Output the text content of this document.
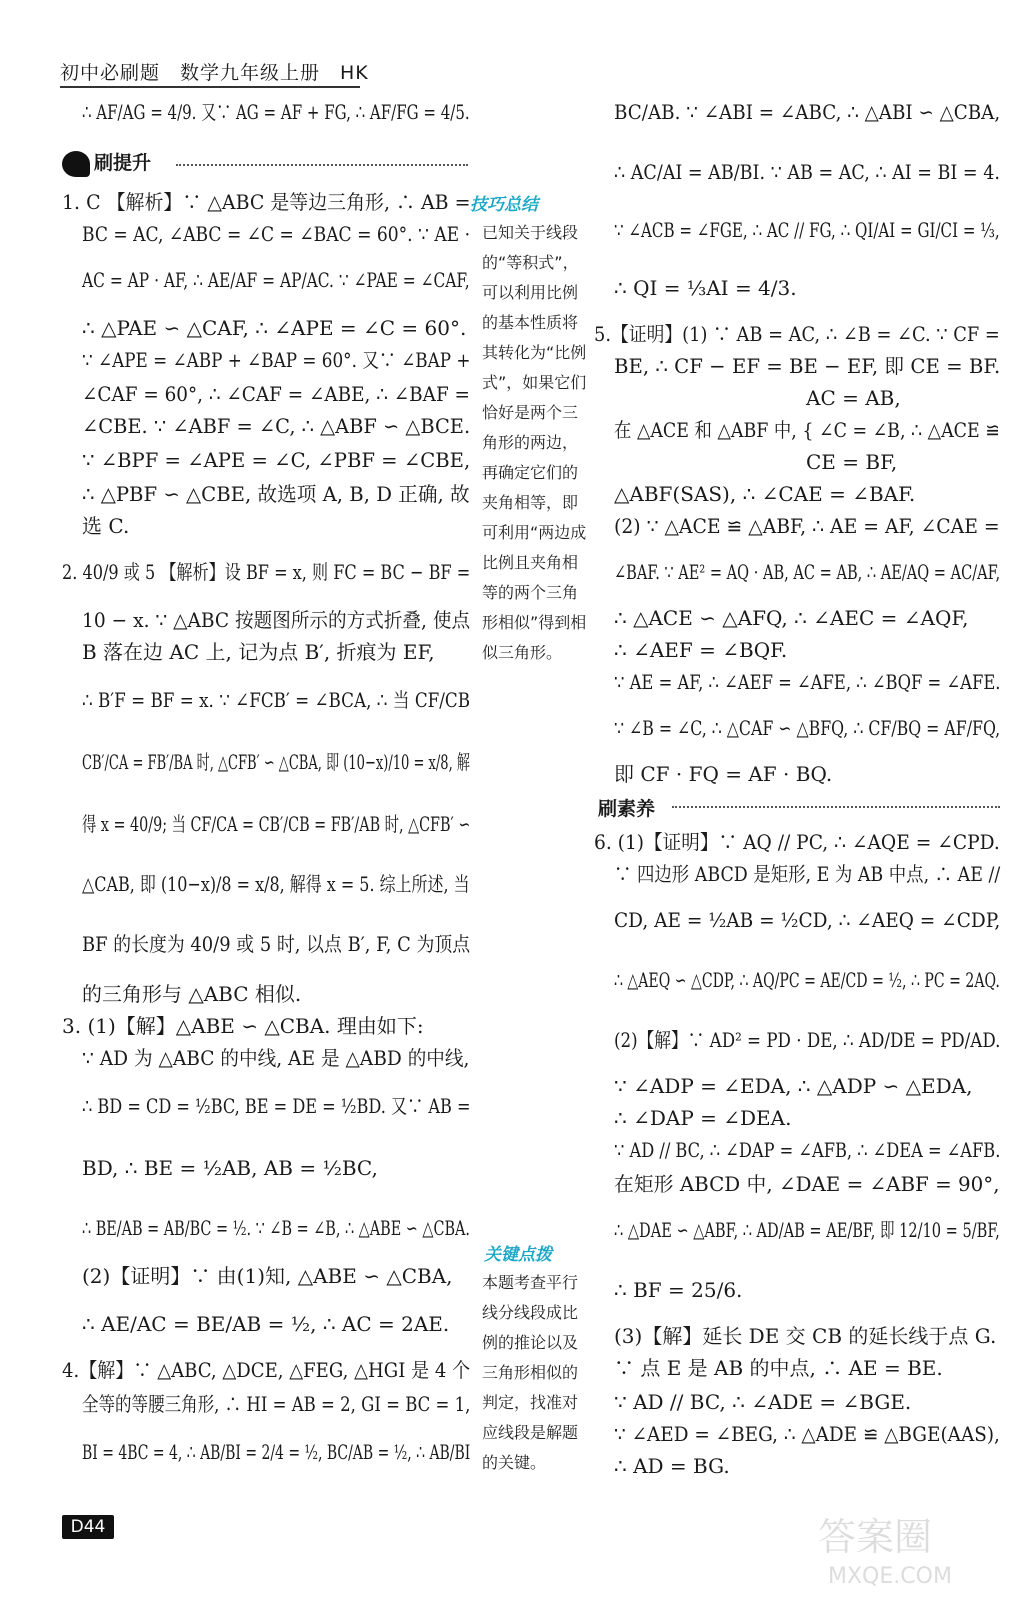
初中必刷题　数学九年级上册　HK
刷提升
∴ AF/AG = 4/9. 又∵ AG = AF + FG, ∴ AF/FG = 4/5.
1. C 【解析】∵ △ABC 是等边三角形, ∴ AB =
BC = AC, ∠ABC = ∠C = ∠BAC = 60°. ∵ AE ·
AC = AP · AF, ∴ AE/AF = AP/AC. ∵ ∠PAE = ∠CAF,
∴ △PAE ∽ △CAF, ∴ ∠APE = ∠C = 60°.
∵ ∠APE = ∠ABP + ∠BAP = 60°. 又∵ ∠BAP +
∠CAF = 60°, ∴ ∠CAF = ∠ABE, ∴ ∠BAF =
∠CBE. ∵ ∠ABF = ∠C, ∴ △ABF ∽ △BCE.
∵ ∠BPF = ∠APE = ∠C, ∠PBF = ∠CBE,
∴ △PBF ∽ △CBE, 故选项 A, B, D 正确, 故
选 C.
2. 40/9 或 5 【解析】设 BF = x, 则 FC = BC − BF =
10 − x. ∵ △ABC 按题图所示的方式折叠, 使点
B 落在边 AC 上, 记为点 B′, 折痕为 EF,
∴ B′F = BF = x. ∵ ∠FCB′ = ∠BCA, ∴ 当 CF/CB
CB′/CA = FB′/BA 时, △CFB′ ∽ △CBA, 即 (10−x)/10 = x/8, 解
得 x = 40/9; 当 CF/CA = CB′/CB = FB′/AB 时, △CFB′ ∽
△CAB, 即 (10−x)/8 = x/8, 解得 x = 5. 综上所述, 当
BF 的长度为 40/9 或 5 时, 以点 B′, F, C 为顶点
的三角形与 △ABC 相似.
3. (1)【解】△ABE ∽ △CBA. 理由如下:
∵ AD 为 △ABC 的中线, AE 是 △ABD 的中线,
∴ BD = CD = ½BC, BE = DE = ½BD. 又∵ AB =
BD, ∴ BE = ½AB, AB = ½BC,
∴ BE/AB = AB/BC = ½. ∵ ∠B = ∠B, ∴ △ABE ∽ △CBA.
(2)【证明】∵ 由(1)知, △ABE ∽ △CBA,
∴ AE/AC = BE/AB = ½, ∴ AC = 2AE.
4.【解】∵ △ABC, △DCE, △FEG, △HGI 是 4 个
全等的等腰三角形, ∴ HI = AB = 2, GI = BC = 1,
BI = 4BC = 4, ∴ AB/BI = 2/4 = ½, BC/AB = ½, ∴ AB/BI
BC/AB. ∵ ∠ABI = ∠ABC, ∴ △ABI ∽ △CBA,
∴ AC/AI = AB/BI. ∵ AB = AC, ∴ AI = BI = 4.
∵ ∠ACB = ∠FGE, ∴ AC // FG, ∴ QI/AI = GI/CI = ⅓,
∴ QI = ⅓AI = 4/3.
5.【证明】(1) ∵ AB = AC, ∴ ∠B = ∠C. ∵ CF =
BE, ∴ CF − EF = BE − EF, 即 CE = BF.
AC = AB,
在 △ACE 和 △ABF 中, { ∠C = ∠B, ∴ △ACE ≌
CE = BF,
△ABF(SAS), ∴ ∠CAE = ∠BAF.
(2) ∵ △ACE ≌ △ABF, ∴ AE = AF, ∠CAE =
∠BAF. ∵ AE² = AQ · AB, AC = AB, ∴ AE/AQ = AC/AF,
∴ △ACE ∽ △AFQ, ∴ ∠AEC = ∠AQF,
∴ ∠AEF = ∠BQF.
∵ AE = AF, ∴ ∠AEF = ∠AFE, ∴ ∠BQF = ∠AFE.
∵ ∠B = ∠C, ∴ △CAF ∽ △BFQ, ∴ CF/BQ = AF/FQ,
即 CF · FQ = AF · BQ.
6. (1)【证明】∵ AQ // PC, ∴ ∠AQE = ∠CPD.
∵ 四边形 ABCD 是矩形, E 为 AB 中点, ∴ AE //
CD, AE = ½AB = ½CD, ∴ ∠AEQ = ∠CDP,
∴ △AEQ ∽ △CDP, ∴ AQ/PC = AE/CD = ½, ∴ PC = 2AQ.
(2)【解】∵ AD² = PD · DE, ∴ AD/DE = PD/AD.
∵ ∠ADP = ∠EDA, ∴ △ADP ∽ △EDA,
∴ ∠DAP = ∠DEA.
∵ AD // BC, ∴ ∠DAP = ∠AFB, ∴ ∠DEA = ∠AFB.
在矩形 ABCD 中, ∠DAE = ∠ABF = 90°,
∴ △DAE ∽ △ABF, ∴ AD/AB = AE/BF, 即 12/10 = 5/BF,
∴ BF = 25/6.
(3)【解】延长 DE 交 CB 的延长线于点 G.
∵ 点 E 是 AB 的中点, ∴ AE = BE.
∵ AD // BC, ∴ ∠ADE = ∠BGE.
∵ ∠AED = ∠BEG, ∴ △ADE ≌ △BGE(AAS),
∴ AD = BG.
技巧总结
已知关于线段的“等积式”，可以利用比例的基本性质将其转化为“比例式”，如果它们恰好是两个三角形的两边，再确定它们的夹角相等，即可利用“两边成比例且夹角相等的两个三角形相似”得到相似三角形。
关键点拨
本题考查平行线分线段成比例的推论以及三角形相似的判定，找准对应线段是解题的关键。
刷素养
D44	答案圈
MXQE.COM
